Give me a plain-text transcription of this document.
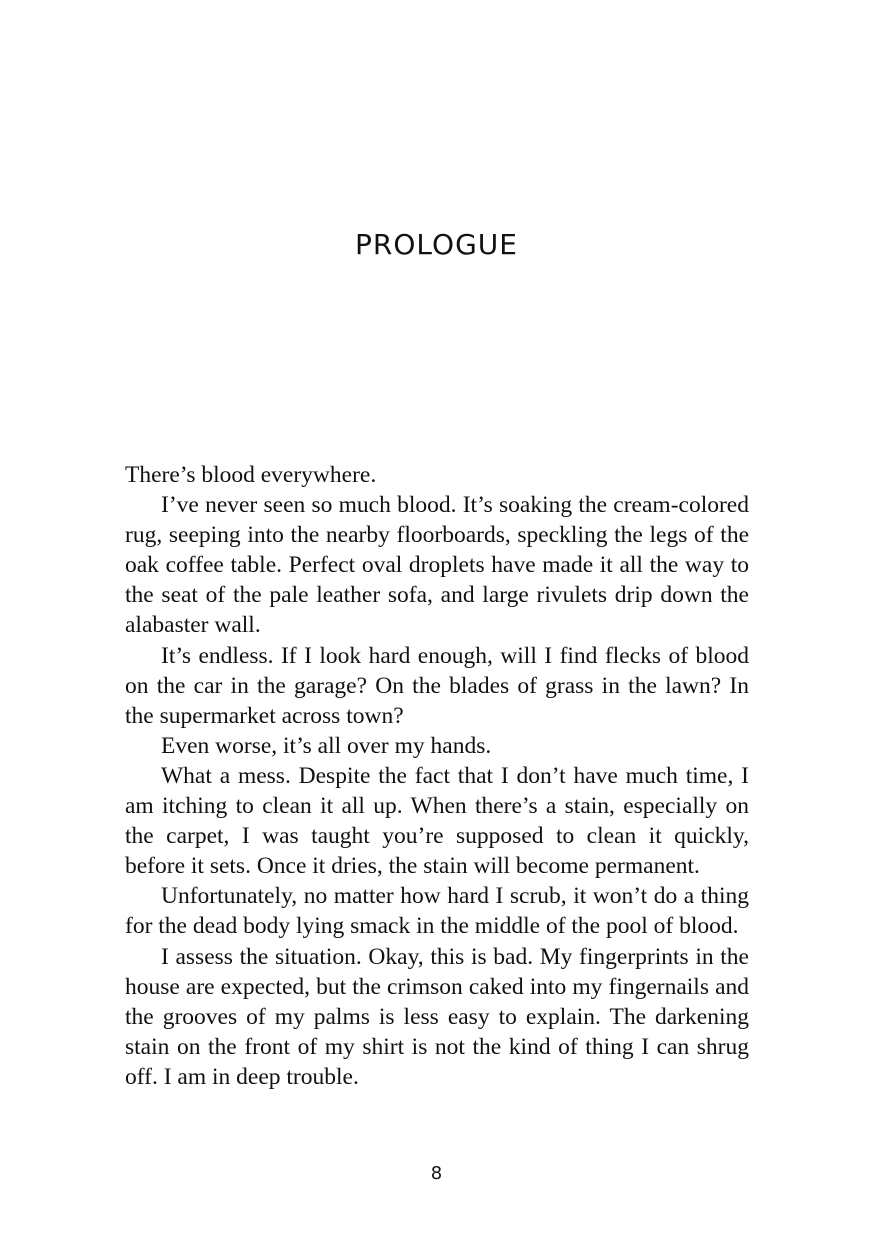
PROLOGUE

There’s blood everywhere.

I’ve never seen so much blood. It’s soaking the cream-colored rug, seeping into the nearby floorboards, speckling the legs of the oak coffee table. Perfect oval droplets have made it all the way to the seat of the pale leather sofa, and large rivulets drip down the alabaster wall.

It’s endless. If I look hard enough, will I find flecks of blood on the car in the garage? On the blades of grass in the lawn? In the supermarket across town?

Even worse, it’s all over my hands.

What a mess. Despite the fact that I don’t have much time, I am itching to clean it all up. When there’s a stain, especially on the carpet, I was taught you’re supposed to clean it quickly, before it sets. Once it dries, the stain will become permanent.

Unfortunately, no matter how hard I scrub, it won’t do a thing for the dead body lying smack in the middle of the pool of blood.

I assess the situation. Okay, this is bad. My fingerprints in the house are expected, but the crimson caked into my fingernails and the grooves of my palms is less easy to explain. The darkening stain on the front of my shirt is not the kind of thing I can shrug off. I am in deep trouble.

8
